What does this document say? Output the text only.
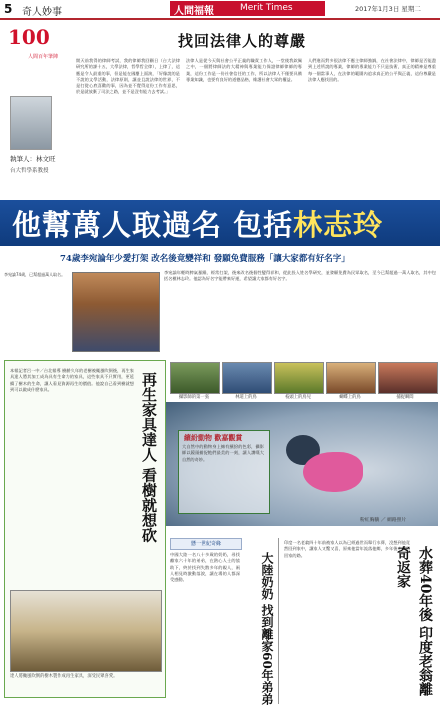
5 奇人妙事	人間福報	Merit Times	2017年1月3日 星期二
100
人間百年筆陣
執筆人：林文旺
台大哲學系教授
找回法律人的尊嚴
開天前我得的律師考試，我的律師我回顧日（台大法律研究所的課十五，大學法律，哲學哲全律），上律了，這應是令人最重的事，但是能在國慶上面演，「好像說的是不說的文學活動，法律原則，讓並且說法律的世界，不是打從心底喜歡的事，因為並不覺得這份工作有意思，於是就放棄了司法之路，並不是沒有能力去考試。」
法律人是從今天與社會公平正義的職責工作人，一堂使我欽佩之中，一個將律師法的大精神與專業能力保證律師律師的專業，這份工作是一份社會信任的工作，所以法律人不僅要具備專業知識，也要有良好的道德品格，維護社會大眾的權益。
人們進而對多很法律不應主律師強調，在社會法律中，律師是否能盡到上述所說的專業，律師的專業能力不只是技術，真正的精神是尊重每一個當事人，在法律的範圍內追求真正的公平與正義，這份尊嚴是法律人應找回的。
他幫萬人取過名 包括林志玲
74歲李宛論年少愛打架 改名後竟變祥和 發願免費服務「讓大家都有好名字」
李宛論74歲，已幫超過萬人取名。	李宛論年輕時脾氣暴躁、經常打架，後來改名後個性變得祥和，從此投入姓名學研究，並發願免費為民眾取名，至今已幫超過一萬人取名，其中包括名模林志玲。他認為好名字能帶來好運，希望讓大家都有好名字。
再生家具達人 看樹就想砍
本報記者呂一中／台北報導 樹齡久年的老樹被颱風吹倒後，再生家具達人將其加工成為具有生命力的家具，這些家具不只實用，更延續了樹木的生命，讓人看見資源再生的價值。他說自己看到樹就想到可以做成什麼家具。
達人將颱風吹倒的樹木製作成再生家具，深受民眾喜愛。
攝影師的第一張	林道上的鳥	枝頭上的鳥兒	蝴蝶上的鳥	捕捉瞬間
繽紛動物 歡嘉觀賞
大自然中的動物身上擁有繽紛的色彩，攝影師以鏡頭捕捉牠們最美的一刻，讓人讚嘆大自然的奇妙。
粉紅胸鶲 ／ 網路照片
懸一世紀奇緣
大陸奶奶 找到離家60年弟弟
中國大陸一名八十多歲的奶奶，尋找離家六十年的弟弟，在熱心人士的協助下，終於找到失散多年的親人，兩人相見時激動落淚，讓在場的人都深受感動。
印度一名老翁四十年前被家人以為已經過世而舉行水葬，沒想到他竟然回到家中，讓家人又驚又喜，原來他當年流落他鄉，多年後才找到回家的路。	水葬40年後 印度老翁離奇返家
